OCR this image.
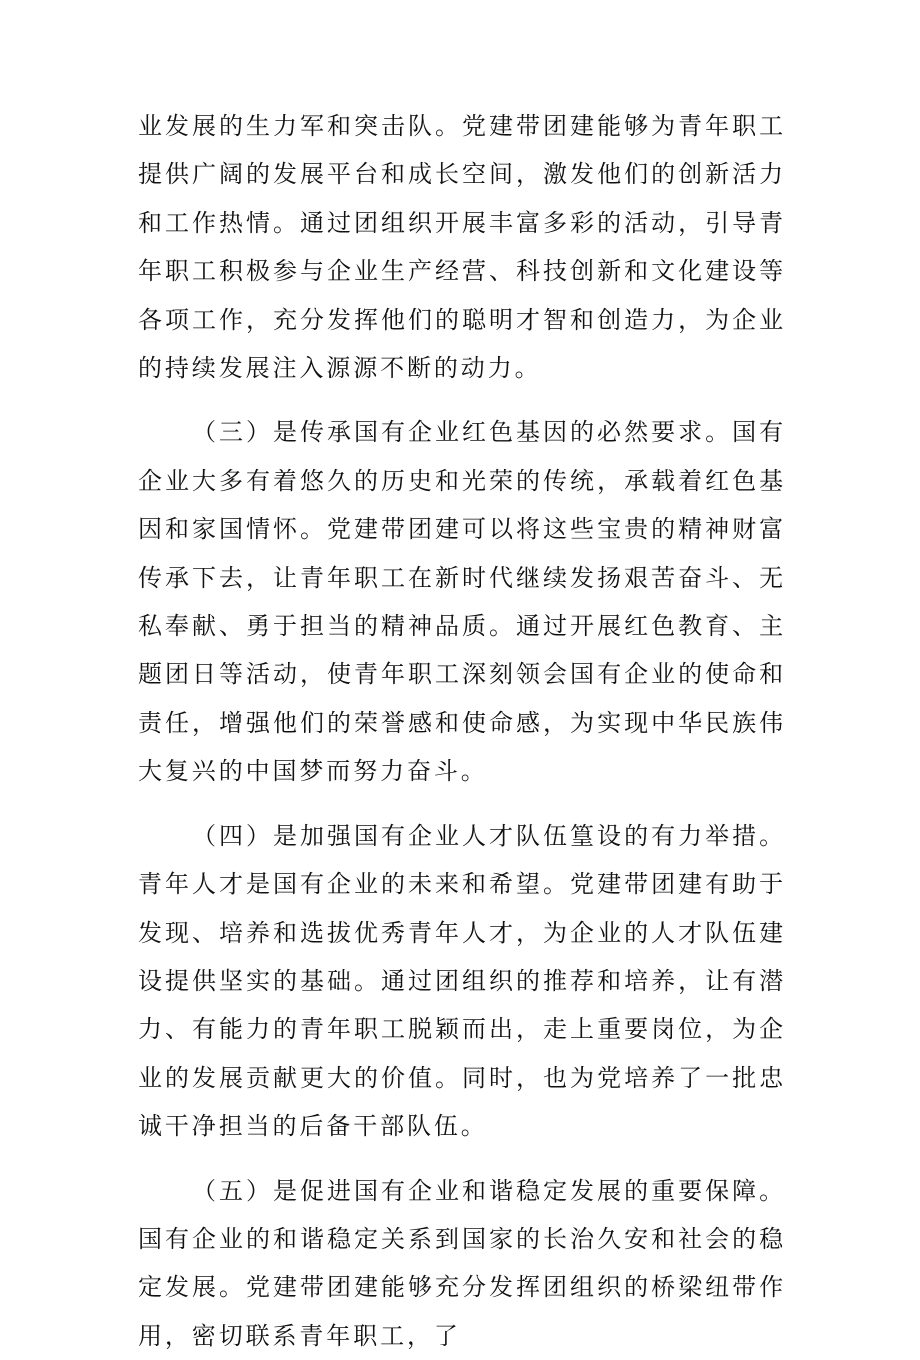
业发展的生力军和突击队。党建带团建能够为青年职工提供广阔的发展平台和成长空间，激发他们的创新活力和工作热情。通过团组织开展丰富多彩的活动，引导青年职工积极参与企业生产经营、科技创新和文化建设等各项工作，充分发挥他们的聪明才智和创造力，为企业的持续发展注入源源不断的动力。

（三）是传承国有企业红色基因的必然要求。国有企业大多有着悠久的历史和光荣的传统，承载着红色基因和家国情怀。党建带团建可以将这些宝贵的精神财富传承下去，让青年职工在新时代继续发扬艰苦奋斗、无私奉献、勇于担当的精神品质。通过开展红色教育、主题团日等活动，使青年职工深刻领会国有企业的使命和责任，增强他们的荣誉感和使命感，为实现中华民族伟大复兴的中国梦而努力奋斗。

（四）是加强国有企业人才队伍篁设的有力举措。青年人才是国有企业的未来和希望。党建带团建有助于发现、培养和选拔优秀青年人才，为企业的人才队伍建设提供坚实的基础。通过团组织的推荐和培养，让有潜力、有能力的青年职工脱颖而出，走上重要岗位，为企业的发展贡献更大的价值。同时，也为党培养了一批忠诚干净担当的后备干部队伍。

（五）是促进国有企业和谐稳定发展的重要保障。国有企业的和谐稳定关系到国家的长治久安和社会的稳定发展。党建带团建能够充分发挥团组织的桥梁纽带作用，密切联系青年职工，了
